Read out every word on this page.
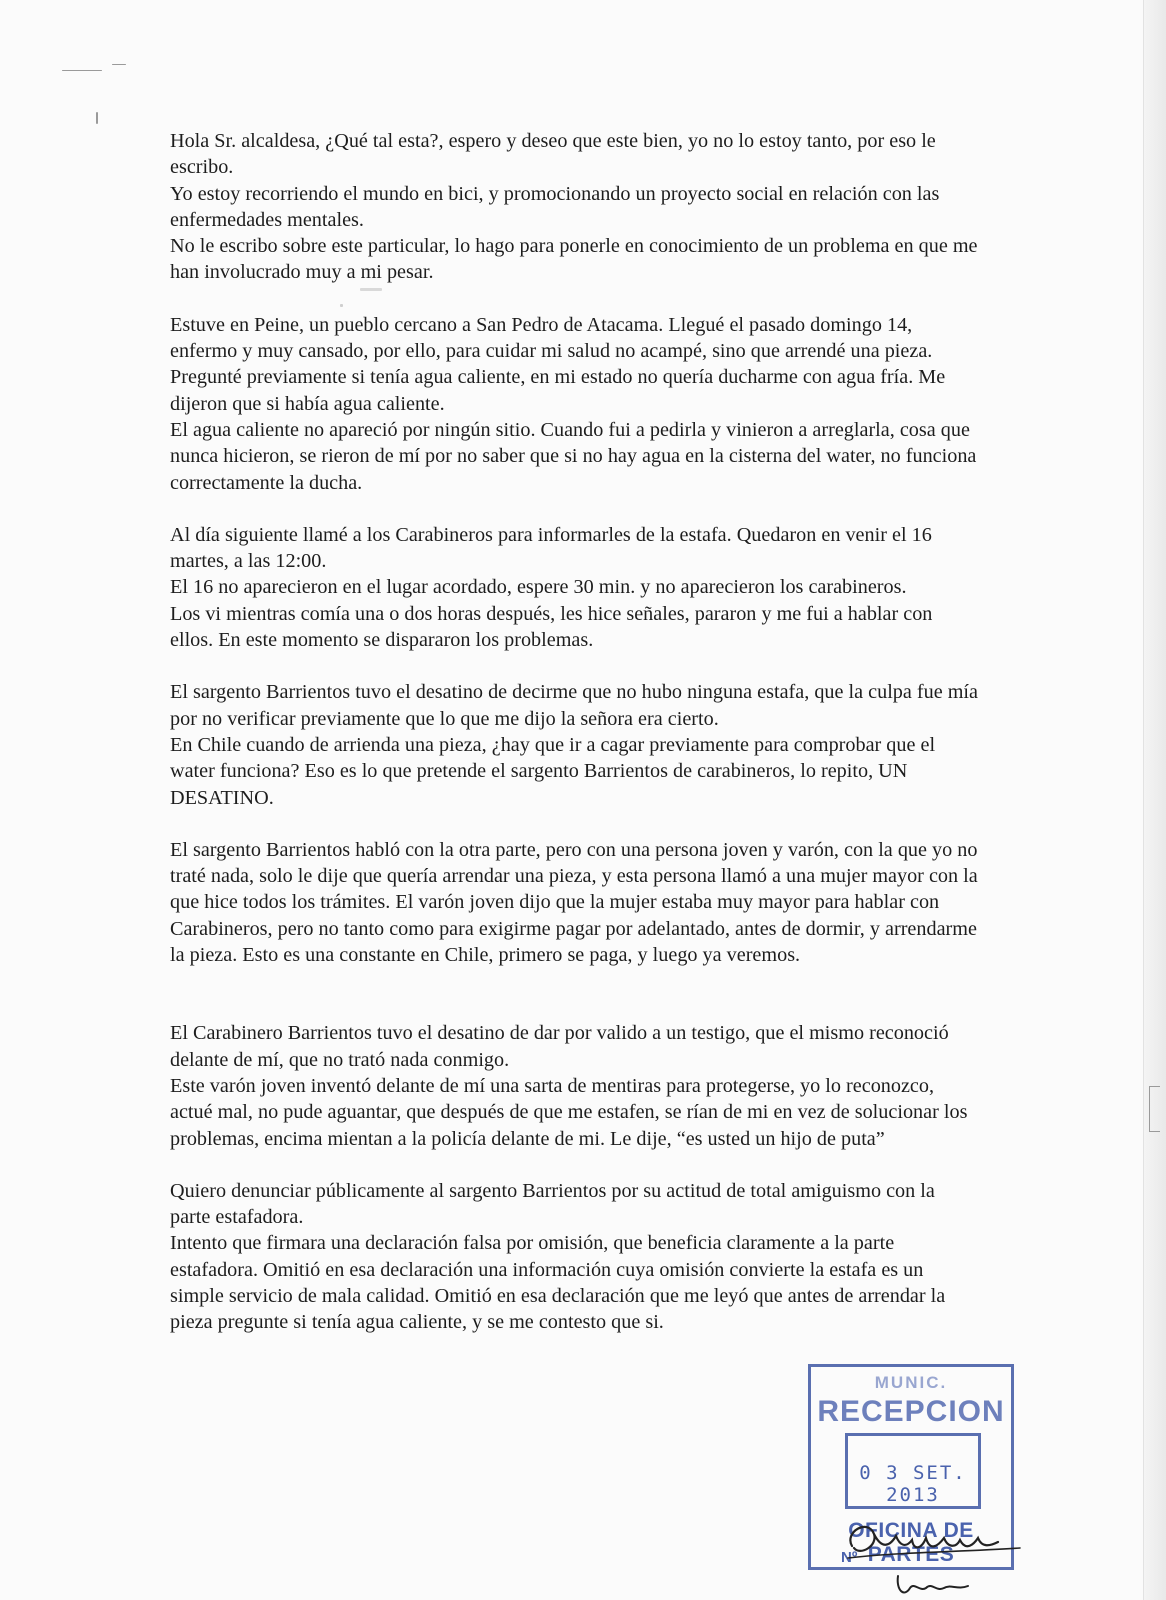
Hola Sr. alcaldesa, ¿Qué tal esta?, espero y deseo que este bien, yo no lo estoy tanto, por eso le escribo.

Yo estoy recorriendo el mundo en bici, y promocionando un proyecto social en relación con las enfermedades mentales.

No le escribo sobre este particular, lo hago para ponerle en conocimiento de un problema en que me han involucrado muy a mi pesar.

Estuve en Peine, un pueblo cercano a San Pedro de Atacama. Llegué el pasado domingo 14, enfermo y muy cansado, por ello, para cuidar mi salud no acampé, sino que arrendé una pieza. Pregunté previamente si tenía agua caliente, en mi estado no quería ducharme con agua fría. Me dijeron que si había agua caliente.

El agua caliente no apareció por ningún sitio. Cuando fui a pedirla y vinieron a arreglarla, cosa que nunca hicieron, se rieron de mí por no saber que si no hay agua en la cisterna del water, no funciona correctamente la ducha.

Al día siguiente llamé a los Carabineros para informarles de la estafa. Quedaron en venir el 16 martes, a las 12:00.

El 16 no aparecieron en el lugar acordado, espere 30 min. y no aparecieron los carabineros.

Los vi mientras comía una o dos horas después, les hice señales, pararon y me fui a hablar con ellos. En este momento se dispararon los problemas.

El sargento Barrientos tuvo el desatino de decirme que no hubo ninguna estafa, que la culpa fue mía por no verificar previamente que lo que me dijo la señora era cierto.

En Chile cuando de arrienda una pieza, ¿hay que ir a cagar previamente para comprobar que el water funciona? Eso es lo que pretende el sargento Barrientos de carabineros, lo repito, UN DESATINO.

El sargento Barrientos habló con la otra parte, pero con una persona joven y varón, con la que yo no traté nada, solo le dije que quería arrendar una pieza, y esta persona llamó a una mujer mayor con la que hice todos los trámites. El varón joven dijo que la mujer estaba muy mayor para hablar con Carabineros, pero no tanto como para exigirme pagar por adelantado, antes de dormir, y arrendarme la pieza. Esto es una constante en Chile, primero se paga, y luego ya veremos.

El Carabinero Barrientos tuvo el desatino de dar por valido a un testigo, que el mismo reconoció delante de mí, que no trató nada conmigo.

Este varón joven inventó delante de mí una sarta de mentiras para protegerse, yo lo reconozco, actué mal, no pude aguantar, que después de que me estafen, se rían de mi en vez de solucionar los problemas, encima mientan a la policía delante de mi. Le dije, “es usted un hijo de puta”

Quiero denunciar públicamente al sargento Barrientos por su actitud de total amiguismo con la parte estafadora.

Intento que firmara una declaración falsa por omisión, que beneficia claramente a la parte estafadora. Omitió en esa declaración una información cuya omisión convierte la estafa es un simple servicio de mala calidad. Omitió en esa declaración que me leyó que antes de arrendar la pieza pregunte si tenía agua caliente, y se me contesto que si.

MUNIC.
RECEPCION
0 3 SET. 2013
OFICINA DE PARTES
Nº
